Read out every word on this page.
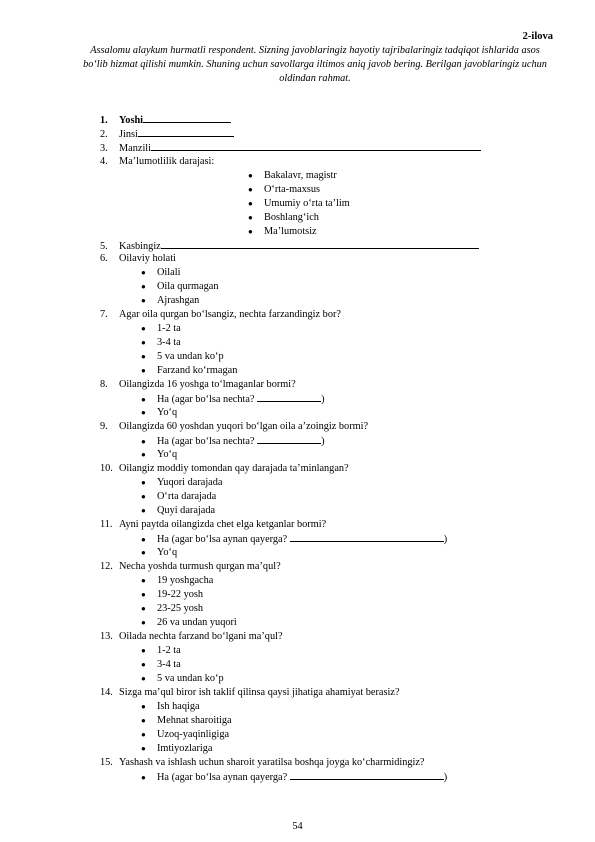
2-ilova
Assalomu alaykum hurmatli respondent. Sizning javoblaringiz hayotiy tajribalaringiz tadqiqot ishlarida asos bo‘lib hizmat qilishi mumkin. Shuning uchun savollarga iltimos aniq javob bering. Berilgan javoblaringiz uchun oldindan rahmat.
1. Yoshi
2. Jinsi
3. Manzili
4. Ma’lumotlilik darajasi:
● Bakalavr, magistr
● O‘rta-maxsus
● Umumiy o‘rta ta’lim
● Boshlang‘ich
● Ma’lumotsiz
5. Kasbingiz
6. Oilaviy holati
● Oilali
● Oila qurmagan
● Ajrashgan
7. Agar oila qurgan bo‘lsangiz, nechta farzandingiz bor?
● 1-2 ta
● 3-4 ta
● 5 va undan ko‘p
● Farzand ko‘rmagan
8. Oilangizda 16 yoshga to‘lmaganlar bormi?
● Ha (agar bo‘lsa nechta?	)
● Yo‘q
9. Oilangizda 60 yoshdan yuqori bo‘lgan oila a’zoingiz bormi?
● Ha (agar bo‘lsa nechta?	)
● Yo‘q
10. Oilangiz moddiy tomondan qay darajada ta’minlangan?
● Yuqori darajada
● O‘rta darajada
● Quyi darajada
11. Ayni paytda oilangizda chet elga ketganlar bormi?
● Ha (agar bo‘lsa aynan qayerga?	)
● Yo‘q
12. Necha yoshda turmush qurgan ma’qul?
● 19 yoshgacha
● 19-22 yosh
● 23-25 yosh
● 26 va undan yuqori
13. Oilada nechta farzand bo‘lgani ma’qul?
● 1-2 ta
● 3-4 ta
● 5 va undan ko‘p
14. Sizga ma’qul biror ish taklif qilinsa qaysi jihatiga ahamiyat berasiz?
● Ish haqiga
● Mehnat sharoitiga
● Uzoq-yaqinligiga
● Imtiyozlariga
15. Yashash va ishlash uchun sharoit yaratilsa boshqa joyga ko‘charmidingiz?
● Ha (agar bo‘lsa aynan qayerga?	)
54
